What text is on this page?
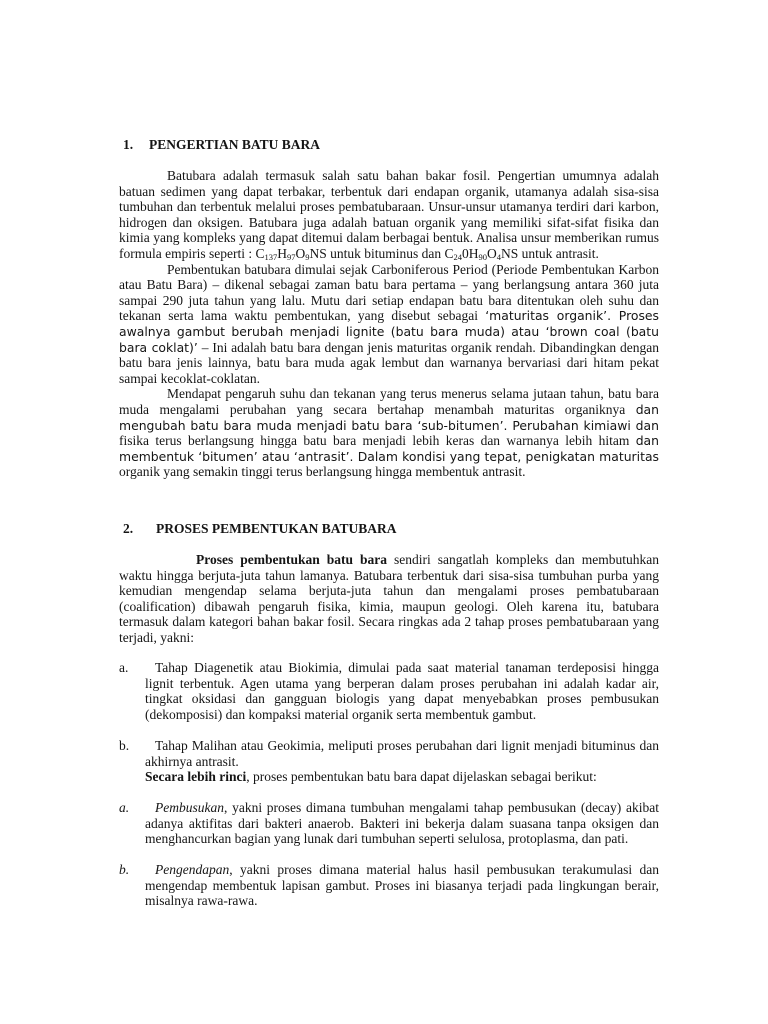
1. PENGERTIAN BATU BARA

Batubara adalah termasuk salah satu bahan bakar fosil. Pengertian umumnya adalah batuan sedimen yang dapat terbakar, terbentuk dari endapan organik, utamanya adalah sisa-sisa tumbuhan dan terbentuk melalui proses pembatubaraan. Unsur-unsur utamanya terdiri dari karbon, hidrogen dan oksigen. Batubara juga adalah batuan organik yang memiliki sifat-sifat fisika dan kimia yang kompleks yang dapat ditemui dalam berbagai bentuk. Analisa unsur memberikan rumus formula empiris seperti : $C_{137}H_{97}O_9NS$ untuk bituminus dan $C_{24}0H_{90}O_4NS$ untuk antrasit.

Pembentukan batubara dimulai sejak Carboniferous Period (Periode Pembentukan Karbon atau Batu Bara) – dikenal sebagai zaman batu bara pertama – yang berlangsung antara 360 juta sampai 290 juta tahun yang lalu. Mutu dari setiap endapan batu bara ditentukan oleh suhu dan tekanan serta lama waktu pembentukan, yang disebut sebagai ‘maturitas organik’. Proses awalnya gambut berubah menjadi lignite (batu bara muda) atau ‘brown coal (batu bara coklat)’ – Ini adalah batu bara dengan jenis maturitas organik rendah. Dibandingkan dengan batu bara jenis lainnya, batu bara muda agak lembut dan warnanya bervariasi dari hitam pekat sampai kecoklat-coklatan.

Mendapat pengaruh suhu dan tekanan yang terus menerus selama jutaan tahun, batu bara muda mengalami perubahan yang secara bertahap menambah maturitas organiknya dan mengubah batu bara muda menjadi batu bara ‘sub-bitumen’. Perubahan kimiawi dan fisika terus berlangsung hingga batu bara menjadi lebih keras dan warnanya lebih hitam dan membentuk ‘bitumen’ atau ‘antrasit’. Dalam kondisi yang tepat, penigkatan maturitas organik yang semakin tinggi terus berlangsung hingga membentuk antrasit.

2. PROSES PEMBENTUKAN BATUBARA

Proses pembentukan batu bara sendiri sangatlah kompleks dan membutuhkan waktu hingga berjuta-juta tahun lamanya. Batubara terbentuk dari sisa-sisa tumbuhan purba yang kemudian mengendap selama berjuta-juta tahun dan mengalami proses pembatubaraan (coalification) dibawah pengaruh fisika, kimia, maupun geologi. Oleh karena itu, batubara termasuk dalam kategori bahan bakar fosil. Secara ringkas ada 2 tahap proses pembatubaraan yang terjadi, yakni:

a.	Tahap Diagenetik atau Biokimia, dimulai pada saat material tanaman terdeposisi hingga lignit terbentuk. Agen utama yang berperan dalam proses perubahan ini adalah kadar air, tingkat oksidasi dan gangguan biologis yang dapat menyebabkan proses pembusukan (dekomposisi) dan kompaksi material organik serta membentuk gambut.

b.	Tahap Malihan atau Geokimia, meliputi proses perubahan dari lignit menjadi bituminus dan akhirnya antrasit.
Secara lebih rinci, proses pembentukan batu bara dapat dijelaskan sebagai berikut:

a.	Pembusukan, yakni proses dimana tumbuhan mengalami tahap pembusukan (decay) akibat adanya aktifitas dari bakteri anaerob. Bakteri ini bekerja dalam suasana tanpa oksigen dan menghancurkan bagian yang lunak dari tumbuhan seperti selulosa, protoplasma, dan pati.

b.	Pengendapan, yakni proses dimana material halus hasil pembusukan terakumulasi dan mengendap membentuk lapisan gambut. Proses ini biasanya terjadi pada lingkungan berair, misalnya rawa-rawa.
